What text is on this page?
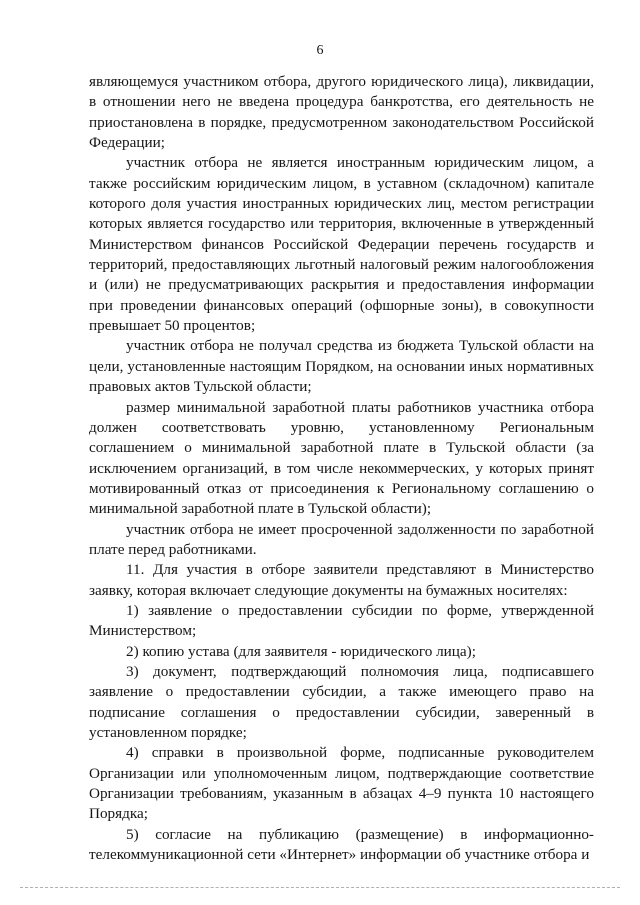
6

являющемуся участником отбора, другого юридического лица), ликвидации, в отношении него не введена процедура банкротства, его деятельность не приостановлена в порядке, предусмотренном законодательством Российской Федерации;

участник отбора не является иностранным юридическим лицом, а также российским юридическим лицом, в уставном (складочном) капитале которого доля участия иностранных юридических лиц, местом регистрации которых является государство или территория, включенные в утвержденный Министерством финансов Российской Федерации перечень государств и территорий, предоставляющих льготный налоговый режим налогообложения и (или) не предусматривающих раскрытия и предоставления информации при проведении финансовых операций (офшорные зоны), в совокупности превышает 50 процентов;

участник отбора не получал средства из бюджета Тульской области на цели, установленные настоящим Порядком, на основании иных нормативных правовых актов Тульской области;

размер минимальной заработной платы работников участника отбора должен соответствовать уровню, установленному Региональным соглашением о минимальной заработной плате в Тульской области (за исключением организаций, в том числе некоммерческих, у которых принят мотивированный отказ от присоединения к Региональному соглашению о минимальной заработной плате в Тульской области);

участник отбора не имеет просроченной задолженности по заработной плате перед работниками.

11. Для участия в отборе заявители представляют в Министерство заявку, которая включает следующие документы на бумажных носителях:

1) заявление о предоставлении субсидии по форме, утвержденной Министерством;

2) копию устава (для заявителя - юридического лица);

3) документ, подтверждающий полномочия лица, подписавшего заявление о предоставлении субсидии, а также имеющего право на подписание соглашения о предоставлении субсидии, заверенный в установленном порядке;

4) справки в произвольной форме, подписанные руководителем Организации или уполномоченным лицом, подтверждающие соответствие Организации требованиям, указанным в абзацах 4–9 пункта 10 настоящего Порядка;

5) согласие на публикацию (размещение) в информационно-телекоммуникационной сети «Интернет» информации об участнике отбора и
